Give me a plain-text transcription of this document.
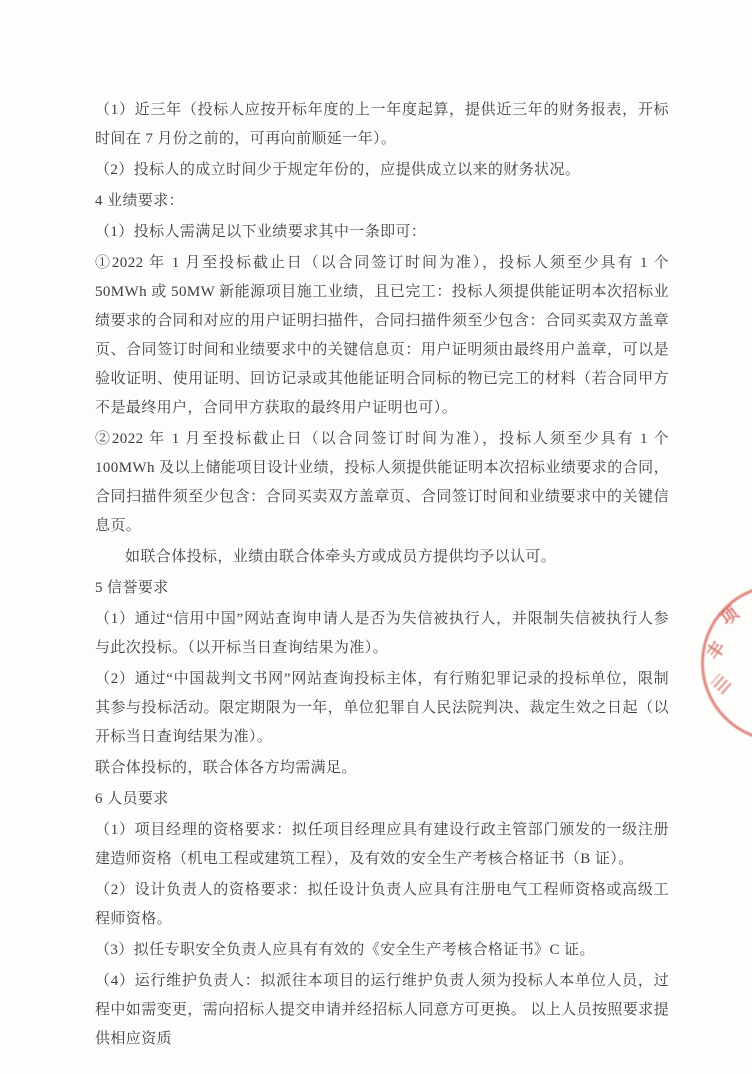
（1）近三年（投标人应按开标年度的上一年度起算，提供近三年的财务报表，开标时间在 7 月份之前的，可再向前顺延一年）。

（2）投标人的成立时间少于规定年份的，应提供成立以来的财务状况。

4 业绩要求：

（1）投标人需满足以下业绩要求其中一条即可：

①2022 年 1 月至投标截止日（以合同签订时间为准），投标人须至少具有 1 个 50MWh 或 50MW 新能源项目施工业绩，且已完工：投标人须提供能证明本次招标业绩要求的合同和对应的用户证明扫描件，合同扫描件须至少包含：合同买卖双方盖章页、合同签订时间和业绩要求中的关键信息页：用户证明须由最终用户盖章，可以是验收证明、使用证明、回访记录或其他能证明合同标的物已完工的材料（若合同甲方不是最终用户，合同甲方获取的最终用户证明也可）。

②2022 年 1 月至投标截止日（以合同签订时间为准），投标人须至少具有 1 个 100MWh 及以上储能项目设计业绩，投标人须提供能证明本次招标业绩要求的合同，合同扫描件须至少包含：合同买卖双方盖章页、合同签订时间和业绩要求中的关键信息页。

如联合体投标，业绩由联合体牵头方或成员方提供均予以认可。

5 信誉要求

（1）通过“信用中国”网站查询申请人是否为失信被执行人，并限制失信被执行人参与此次投标。（以开标当日查询结果为准）。

（2）通过“中国裁判文书网”网站查询投标主体，有行贿犯罪记录的投标单位，限制其参与投标活动。限定期限为一年，单位犯罪自人民法院判决、裁定生效之日起（以开标当日查询结果为准）。

联合体投标的，联合体各方均需满足。

6 人员要求

（1）项目经理的资格要求：拟任项目经理应具有建设行政主管部门颁发的一级注册建造师资格（机电工程或建筑工程），及有效的安全生产考核合格证书（B 证）。

（2）设计负责人的资格要求：拟任设计负责人应具有注册电气工程师资格或高级工程师资格。

（3）拟任专职安全负责人应具有有效的《安全生产考核合格证书》C 证。

（4）运行维护负责人：拟派往本项目的运行维护负责人须为投标人本单位人员，过程中如需变更，需向招标人提交申请并经招标人同意方可更换。 以上人员按照要求提供相应资质

项
丰
